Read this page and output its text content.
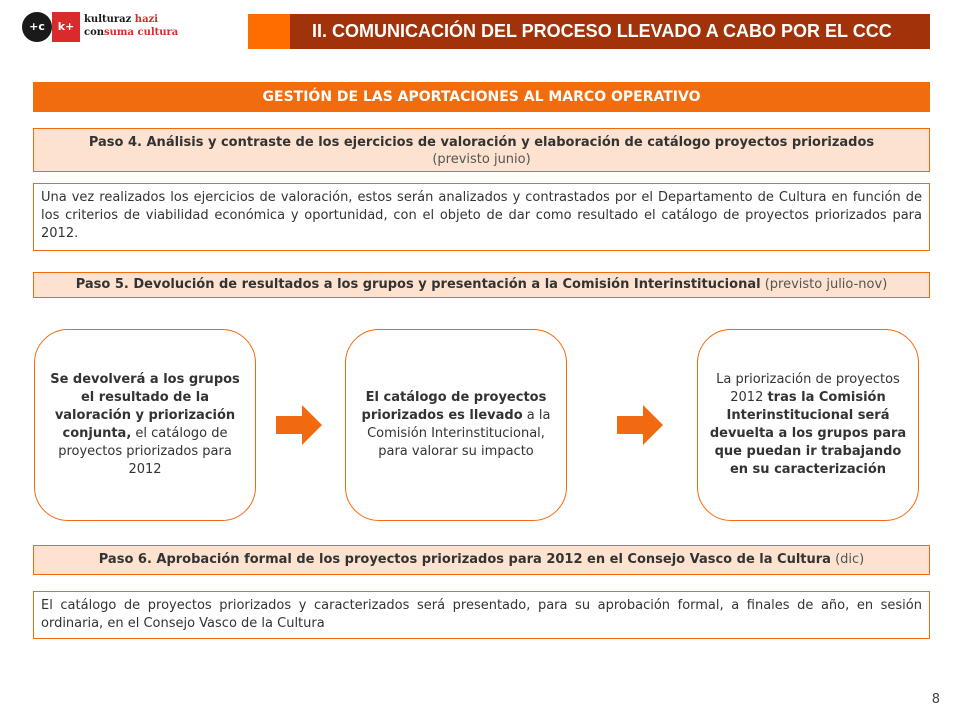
+c	k+
kulturaz hazi
consuma cultura	II. COMUNICACIÓN DEL PROCESO LLEVADO A CABO POR EL CCC
GESTIÓN DE LAS APORTACIONES AL MARCO OPERATIVO
Paso 4. Análisis y contraste de los ejercicios de valoración y elaboración de catálogo proyectos priorizados
(previsto junio)
Una vez realizados los ejercicios de valoración, estos serán analizados y contrastados por el Departamento de Cultura en función de los criterios de viabilidad económica y oportunidad, con el objeto de dar como resultado el catálogo de proyectos priorizados para 2012.
Paso 5. Devolución de resultados a los grupos y presentación a la Comisión Interinstitucional (previsto julio-nov)
Se devolverá a los grupos el resultado de la valoración y priorización conjunta, el catálogo de proyectos priorizados para 2012
El catálogo de proyectos priorizados es llevado a la Comisión Interinstitucional, para valorar su impacto
La priorización de proyectos 2012 tras la Comisión Interinstitucional será devuelta a los grupos para que puedan ir trabajando en su caracterización
Paso 6. Aprobación formal de los proyectos priorizados para 2012 en el Consejo Vasco de la Cultura (dic)
El catálogo de proyectos priorizados y caracterizados será presentado, para su aprobación formal, a finales de año, en sesión ordinaria, en el Consejo Vasco de la Cultura
8
